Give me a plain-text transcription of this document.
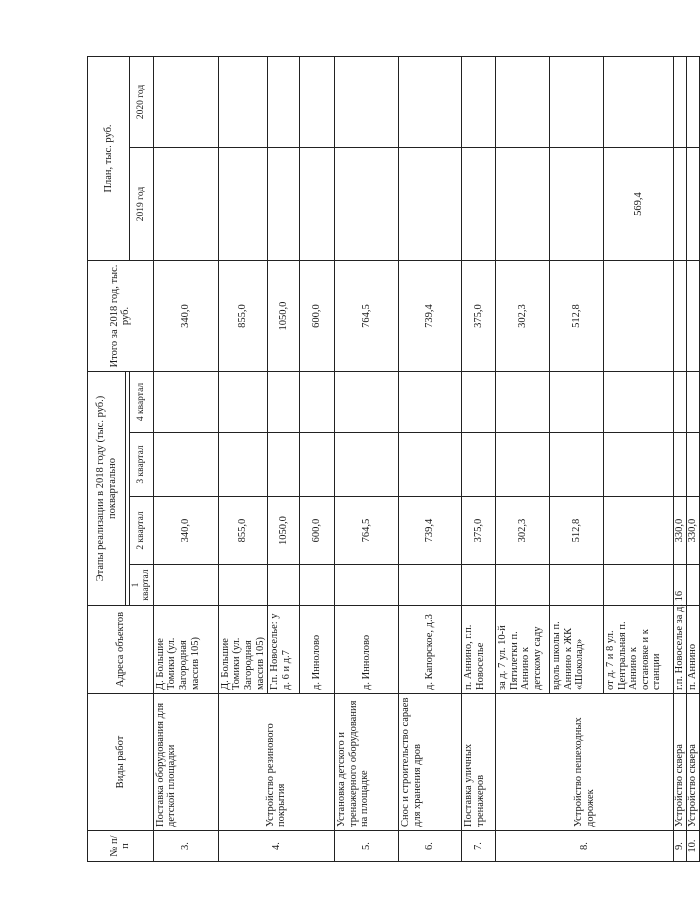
№ п/п	Виды работ	Адреса объектов	Этапы реализации в 2018 году (тыс. руб.) поквартально				Итого за 2018 год, тыс. руб.	План, тыс. руб.	

			1 квартал	2 квартал	3 квартал	4 квартал		2019 год	2020 год
3.	Поставка оборудования для детской площадки	Д. Большие Томики (ул. Загородная массив 105)		340,0			340,0		
4.	Устройство резинового покрытия	Д. Большие Томики (ул. Загородная массив 105)		855,0			855,0		
		Г.п. Новоселье: у д. 6 и д.7		1050,0			1050,0		
		д. Иннолово		600,0			600,0		
5.	Установка детского и тренажерного оборудования на площадке	д. Иннолово		764,5			764,5		
6.	Снос и строительство сараев для хранения дров	д. Капорское, д.3		739,4			739,4		
7.	Поставка уличных тренажеров	п. Аннино, г.п. Новоселье		375,0			375,0		
8.	Устройство пешеходных дорожек	за д. 7 ул. 10-й Пятилетки п. Аннино к детскому саду		302,3			302,3		
		вдоль школы п. Аннино к ЖК «Шоколад»		512,8			512,8		
		от д. 7 и 8 ул. Центральная п. Аннино к остановке и к станции						569,4	
9.	Устройство сквера	г.п. Новоселье за д. 16		330,0					
10.	Устройство сквера	п. Аннино		330,0					
